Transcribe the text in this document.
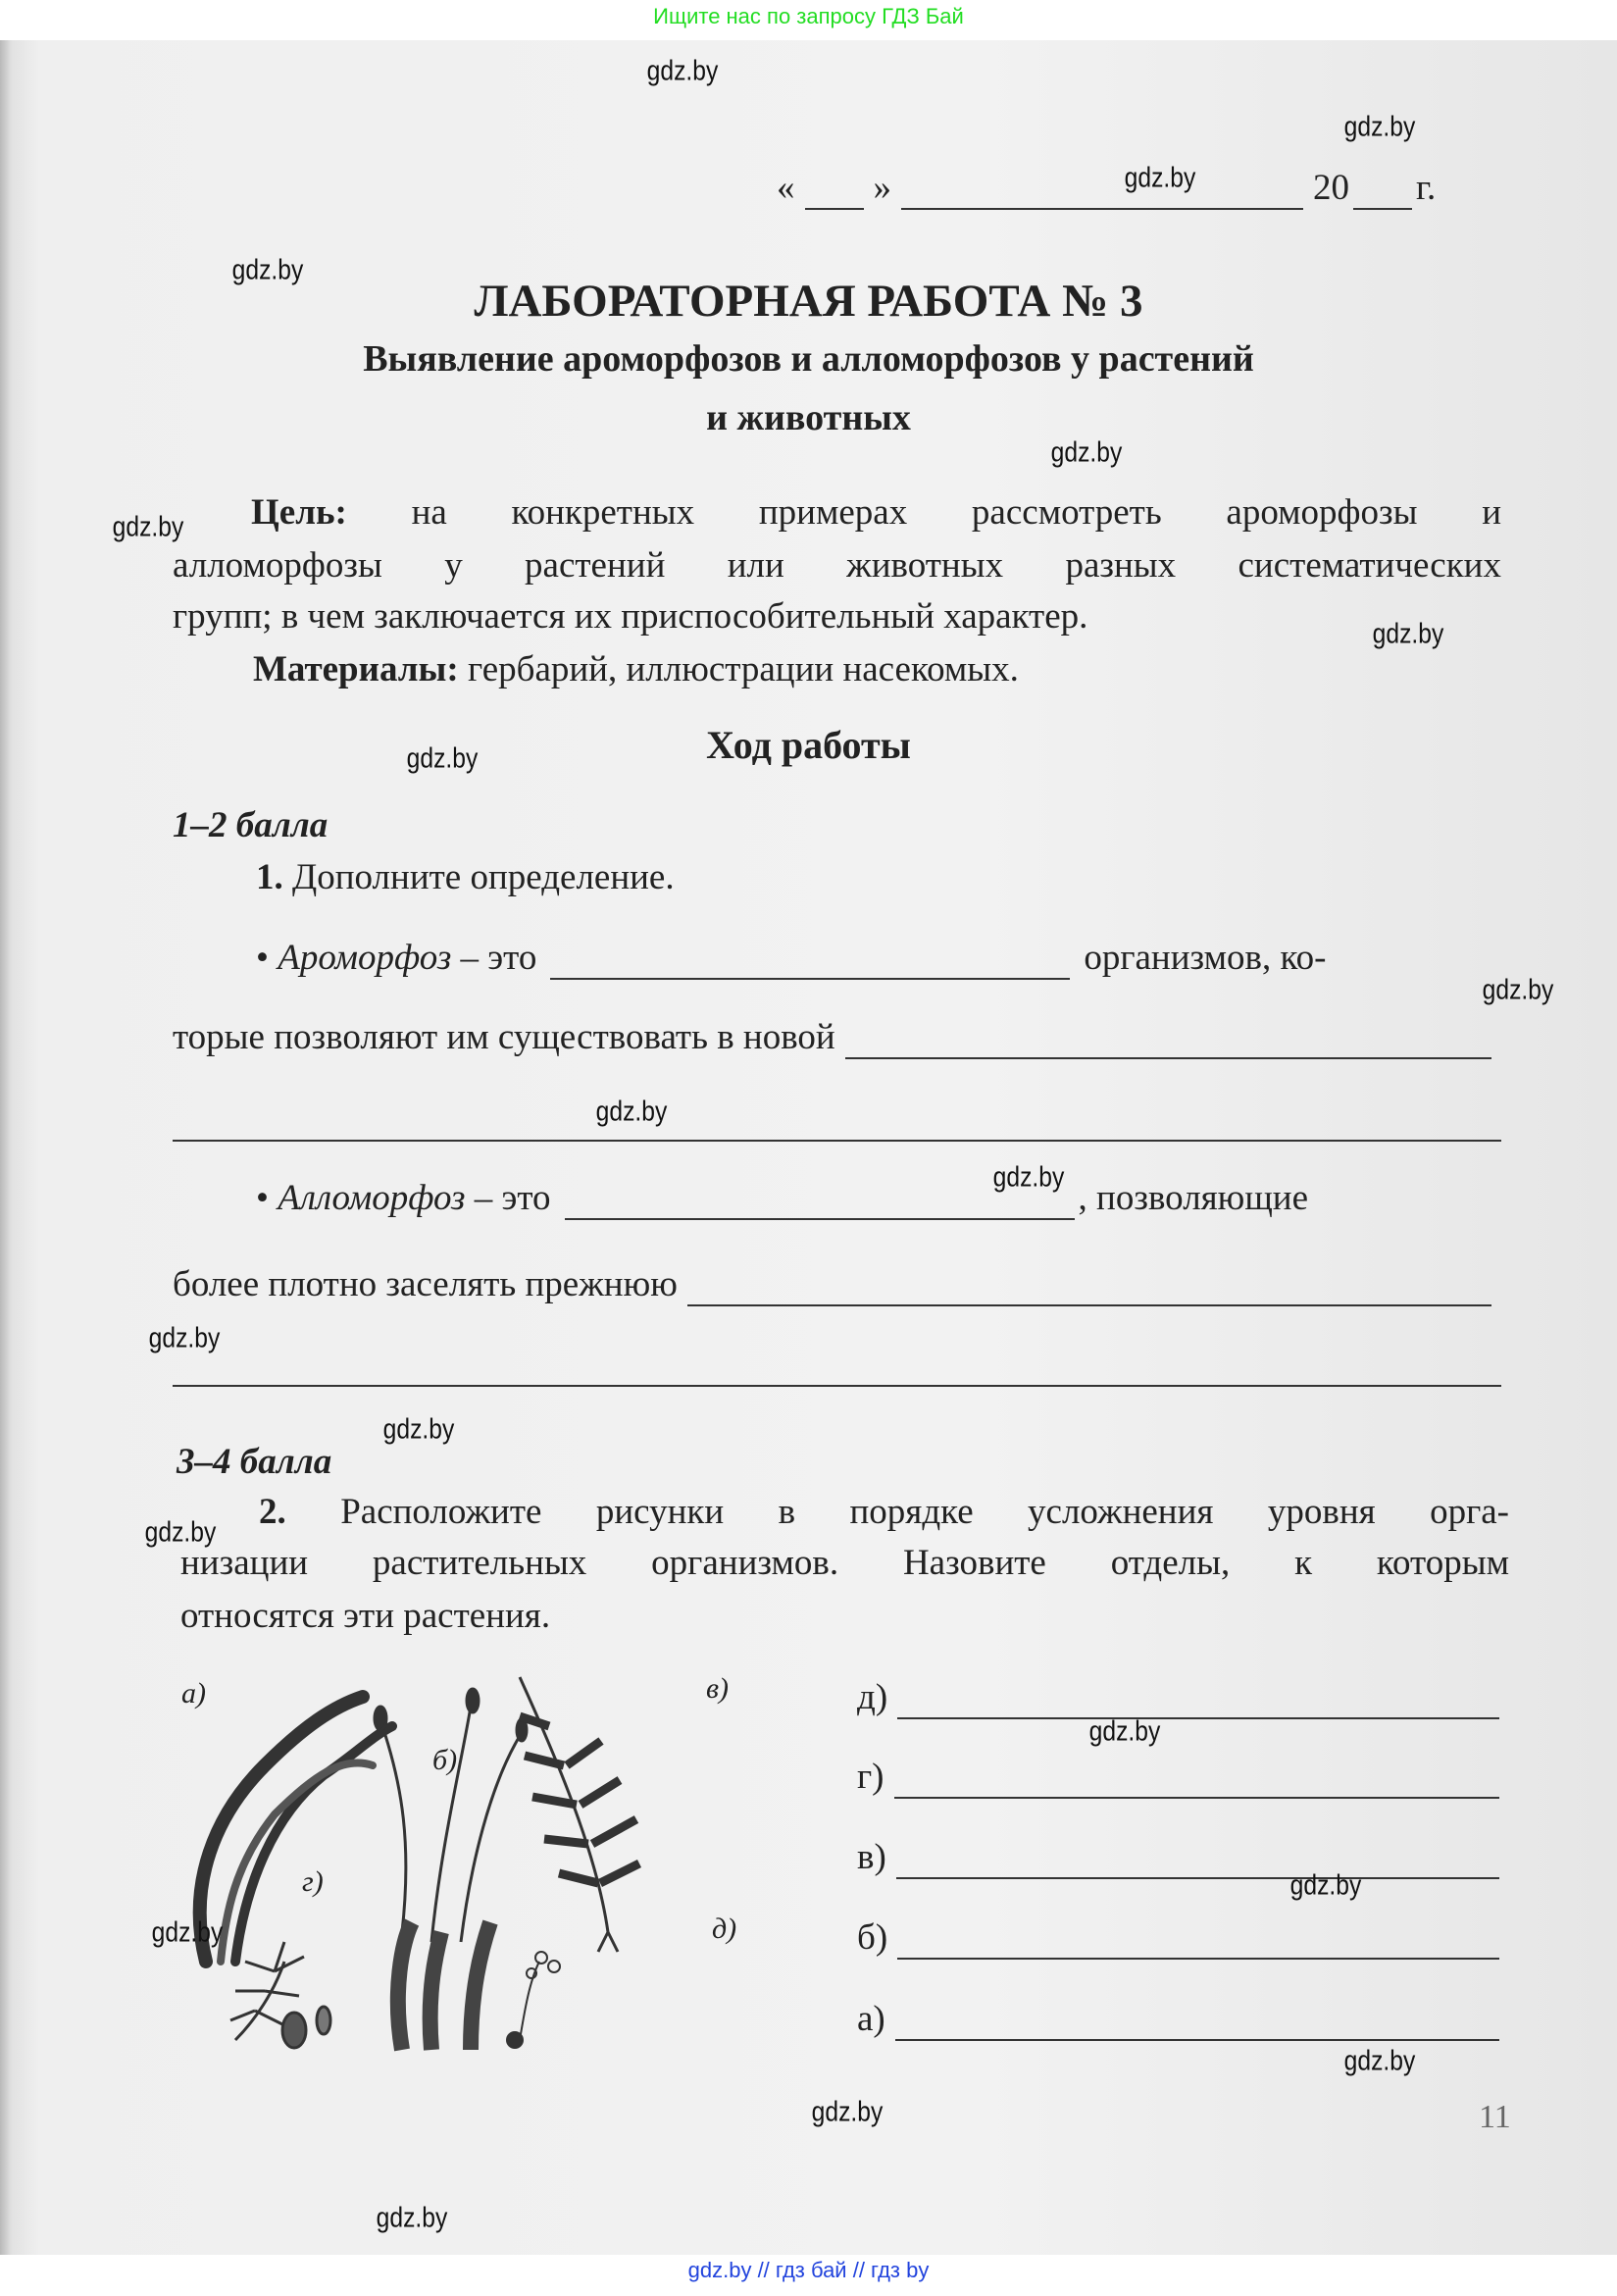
Ищите нас по запросу ГДЗ Бай
« »	20 г.
ЛАБОРАТОРНАЯ РАБОТА № 3
Выявление ароморфозов и алломорфозов у растений
и животных
Цель: на конкретных примерах рассмотреть ароморфозы и
алломорфозы у растений или животных разных систематических
групп; в чем заключается их приспособительный характер.
Материалы: гербарий, иллюстрации насекомых.
Ход работы
1–2 балла
1. Дополните определение.
•
Ароморфоз
– это	организмов, ко-
торые позволяют им существовать в новой
•
Алломорфоз
– это	, позволяющие
более плотно заселять прежнюю
3–4 балла
2. Расположите рисунки в порядке усложнения уровня орга-
низации растительных организмов. Назовите отделы, к которым
относятся эти растения.
а)
б)
в)
г)
д)
д)
г)
в)
б)
а)
11
gdz.by
gdz.by
gdz.by
gdz.by
gdz.by
gdz.by
gdz.by
gdz.by
gdz.by
gdz.by
gdz.by
gdz.by
gdz.by
gdz.by
gdz.by
gdz.by
gdz.by
gdz.by
gdz.by
gdz.by
gdz.by // гдз бай // гдз by
